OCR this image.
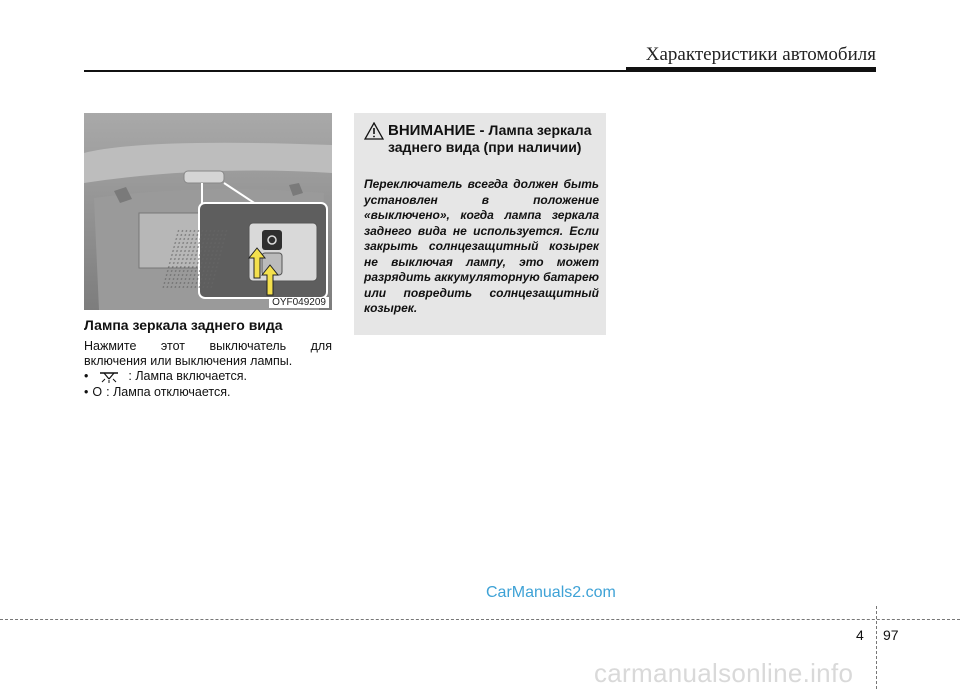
Характеристики автомобиля
OYF049209
Лампа зеркала заднего вида
Нажмите этот выключатель для включения или выключения лампы.
•	: Лампа включается.
• O : Лампа отключается.
ВНИМАНИЕ - Лампа зеркала заднего вида (при наличии)
Переключатель всегда должен быть установлен в положение «выключено», когда лампа зеркала заднего вида не используется. Если закрыть солнцезащитный козырек не выключая лампу, это может разрядить аккумуляторную батарею или повредить солнцезащитный козырек.
CarManuals2.com
4 97
carmanualsonline.info
